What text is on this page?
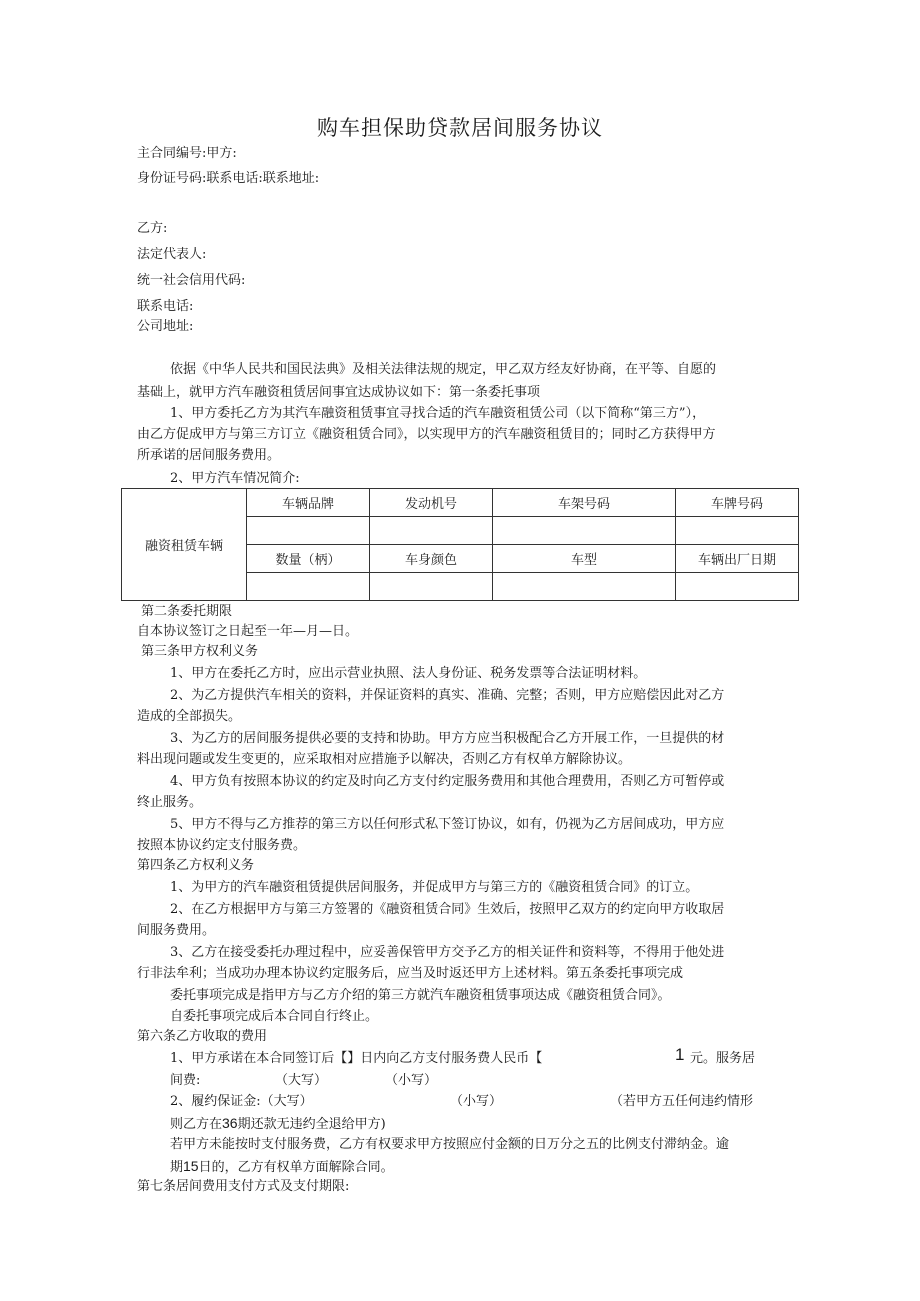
购车担保助贷款居间服务协议
主合同编号:甲方:
身份证号码:联系电话:联系地址:
乙方:
法定代表人:
统一社会信用代码:
联系电话:
公司地址:
依据《中华人民共和国民法典》及相关法律法规的规定，甲乙双方经友好协商，在平等、自愿的
基础上，就甲方汽车融资租赁居间事宜达成协议如下：第一条委托事项
1、甲方委托乙方为其汽车融资租赁事宜寻找合适的汽车融资租赁公司（以下简称“第三方”），
由乙方促成甲方与第三方订立《融资租赁合同》，以实现甲方的汽车融资租赁目的；同时乙方获得甲方
所承诺的居间服务费用。
2、甲方汽车情况简介:
融资租赁车辆	车辆品牌	发动机号	车架号码	车牌号码

	数量（柄）	车身颜色	车型	车辆出厂日期

第二条委托期限
自本协议签订之日起至一年—月—日。
第三条甲方权利义务
1、甲方在委托乙方时，应出示营业执照、法人身份证、税务发票等合法证明材料。
2、为乙方提供汽车相关的资料，并保证资料的真实、准确、完整；否则，甲方应赔偿因此对乙方
造成的全部损失。
3、为乙方的居间服务提供必要的支持和协助。甲方方应当积极配合乙方开展工作，一旦提供的材
料出现问题或发生变更的，应采取相对应措施予以解决，否则乙方有权单方解除协议。
4、甲方负有按照本协议的约定及时向乙方支付约定服务费用和其他合理费用，否则乙方可暂停或
终止服务。
5、甲方不得与乙方推荐的第三方以任何形式私下签订协议，如有，仍视为乙方居间成功，甲方应
按照本协议约定支付服务费。
第四条乙方权利义务
1、为甲方的汽车融资租赁提供居间服务，并促成甲方与第三方的《融资租赁合同》的订立。
2、在乙方根据甲方与第三方签署的《融资租赁合同》生效后，按照甲乙双方的约定向甲方收取居
间服务费用。
3、乙方在接受委托办理过程中，应妥善保管甲方交予乙方的相关证件和资料等，不得用于他处进
行非法牟利；当成功办理本协议约定服务后，应当及时返还甲方上述材料。第五条委托事项完成
委托事项完成是指甲方与乙方介绍的第三方就汽车融资租赁事项达成《融资租赁合同》。
自委托事项完成后本合同自行终止。
第六条乙方收取的费用
1、甲方承诺在本合同签订后【】日内向乙方支付服务费人民币【	1 元。服务居
间费:	（大写）	（小写）
2、履约保证金:（大写）	（小写）	（若甲方五任何违约情形
则乙方在36期还款无违约全退给甲方)
若甲方未能按时支付服务费，乙方有权要求甲方按照应付金额的日万分之五的比例支付滞纳金。逾
期15日的，乙方有权单方面解除合同。
第七条居间费用支付方式及支付期限:
